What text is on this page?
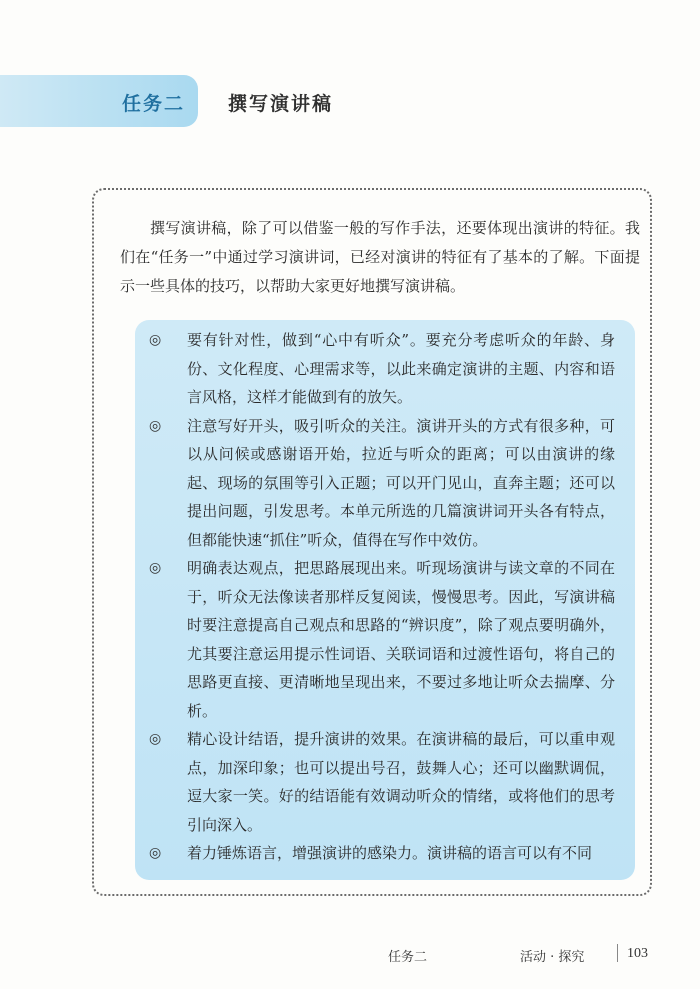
任务二 撰写演讲稿

撰写演讲稿，除了可以借鉴一般的写作手法，还要体现出演讲的特征。我们在“任务一”中通过学习演讲词，已经对演讲的特征有了基本的了解。下面提示一些具体的技巧，以帮助大家更好地撰写演讲稿。

◎	要有针对性，做到“心中有听众”。要充分考虑听众的年龄、身份、文化程度、心理需求等，以此来确定演讲的主题、内容和语言风格，这样才能做到有的放矢。
◎	注意写好开头，吸引听众的关注。演讲开头的方式有很多种，可以从问候或感谢语开始，拉近与听众的距离；可以由演讲的缘起、现场的氛围等引入正题；可以开门见山，直奔主题；还可以提出问题，引发思考。本单元所选的几篇演讲词开头各有特点，但都能快速“抓住”听众，值得在写作中效仿。
◎	明确表达观点，把思路展现出来。听现场演讲与读文章的不同在于，听众无法像读者那样反复阅读，慢慢思考。因此，写演讲稿时要注意提高自己观点和思路的“辨识度”，除了观点要明确外，尤其要注意运用提示性词语、关联词语和过渡性语句，将自己的思路更直接、更清晰地呈现出来，不要过多地让听众去揣摩、分析。
◎	精心设计结语，提升演讲的效果。在演讲稿的最后，可以重申观点，加深印象；也可以提出号召，鼓舞人心；还可以幽默调侃，逗大家一笑。好的结语能有效调动听众的情绪，或将他们的思考引向深入。
◎	着力锤炼语言，增强演讲的感染力。演讲稿的语言可以有不同
任务二	活动 · 探究	103
